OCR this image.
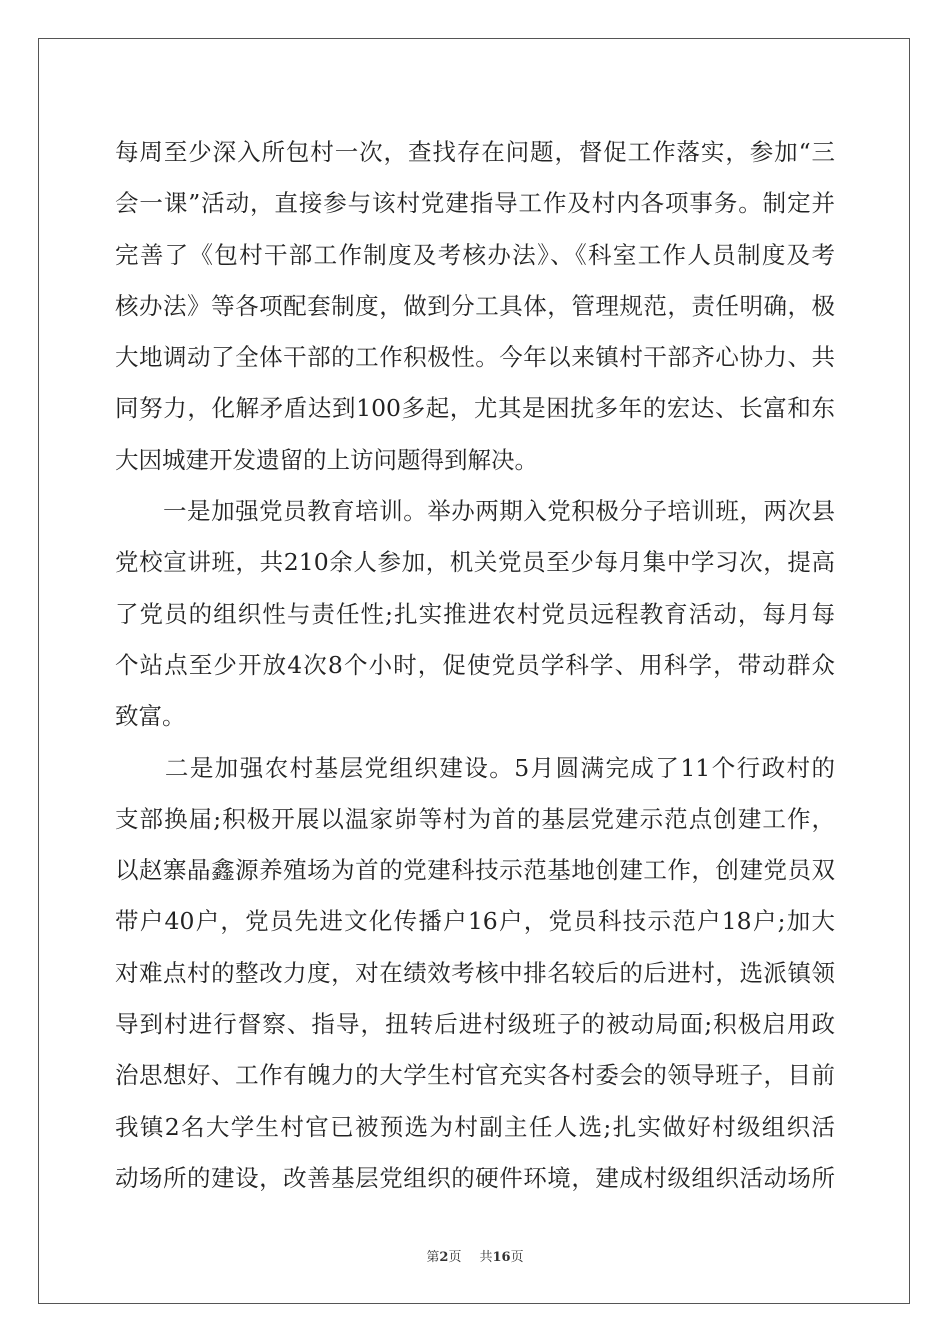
每周至少深入所包村一次，查找存在问题，督促工作落实，参加“三
会一课”活动，直接参与该村党建指导工作及村内各项事务。制定并
完善了《包村干部工作制度及考核办法》、《科室工作人员制度及考
核办法》等各项配套制度，做到分工具体，管理规范，责任明确，极
大地调动了全体干部的工作积极性。今年以来镇村干部齐心协力、共
同努力，化解矛盾达到100多起，尤其是困扰多年的宏达、长富和东
大因城建开发遗留的上访问题得到解决。
　　一是加强党员教育培训。举办两期入党积极分子培训班，两次县
党校宣讲班，共210余人参加，机关党员至少每月集中学习次，提高
了党员的组织性与责任性;扎实推进农村党员远程教育活动，每月每
个站点至少开放4次8个小时，促使党员学科学、用科学，带动群众
致富。
　　二是加强农村基层党组织建设。5月圆满完成了11个行政村的
支部换届;积极开展以温家峁等村为首的基层党建示范点创建工作，
以赵寨晶鑫源养殖场为首的党建科技示范基地创建工作，创建党员双
带户40户，党员先进文化传播户16户，党员科技示范户18户;加大
对难点村的整改力度，对在绩效考核中排名较后的后进村，选派镇领
导到村进行督察、指导，扭转后进村级班子的被动局面;积极启用政
治思想好、工作有魄力的大学生村官充实各村委会的领导班子，目前
我镇2名大学生村官已被预选为村副主任人选;扎实做好村级组织活
动场所的建设，改善基层党组织的硬件环境，建成村级组织活动场所
第2页 共16页
